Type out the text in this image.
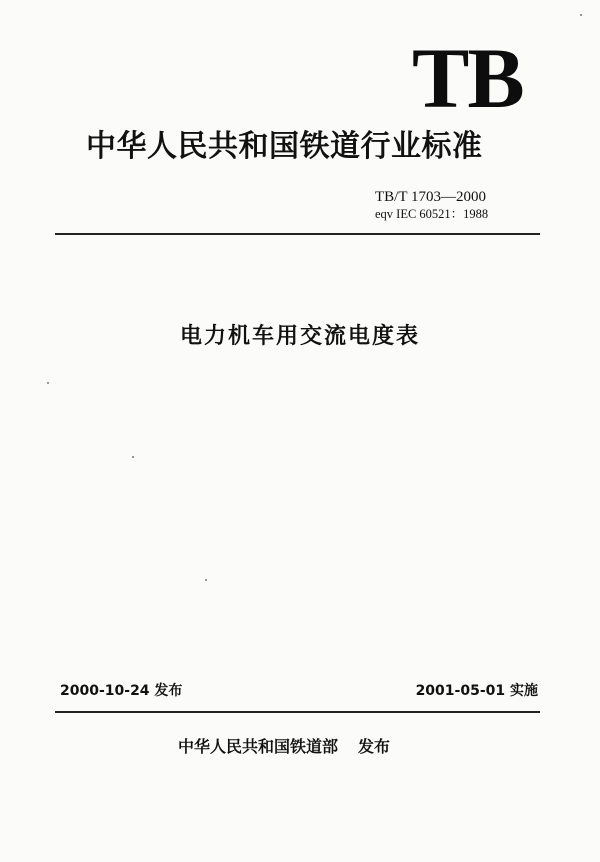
TB
中华人民共和国铁道行业标准
TB/T 1703—2000
eqv IEC 60521：1988
电力机车用交流电度表
2000-10-24 发布	2001-05-01 实施
中华人民共和国铁道部 发布
